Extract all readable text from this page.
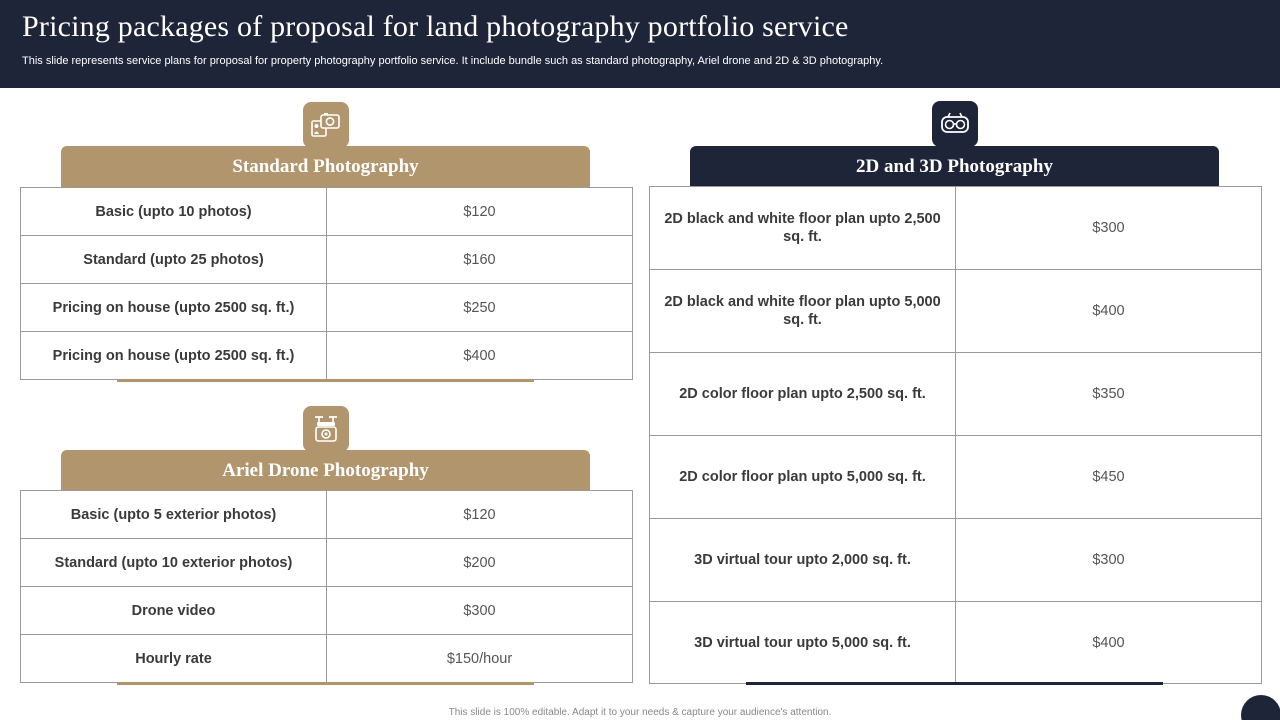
Pricing packages of proposal for land photography portfolio service
This slide represents service plans for proposal for property photography portfolio service. It include bundle such as standard photography, Ariel drone and 2D & 3D photography.
Standard Photography
Basic (upto 10 photos)	$120
Standard (upto 25 photos)	$160
Pricing on house (upto 2500 sq. ft.)	$250
Pricing on house (upto 2500 sq. ft.)	$400
Ariel Drone Photography
Basic (upto 5 exterior photos)	$120
Standard (upto 10 exterior photos)	$200
Drone video	$300
Hourly rate	$150/hour
2D and 3D Photography
2D black and white floor plan upto 2,500 sq. ft.	$300
2D black and white floor plan upto 5,000 sq. ft.	$400
2D color floor plan upto 2,500 sq. ft.	$350
2D color floor plan upto 5,000 sq. ft.	$450
3D virtual tour upto 2,000 sq. ft.	$300
3D virtual tour upto 5,000 sq. ft.	$400
This slide is 100% editable. Adapt it to your needs & capture your audience's attention.
